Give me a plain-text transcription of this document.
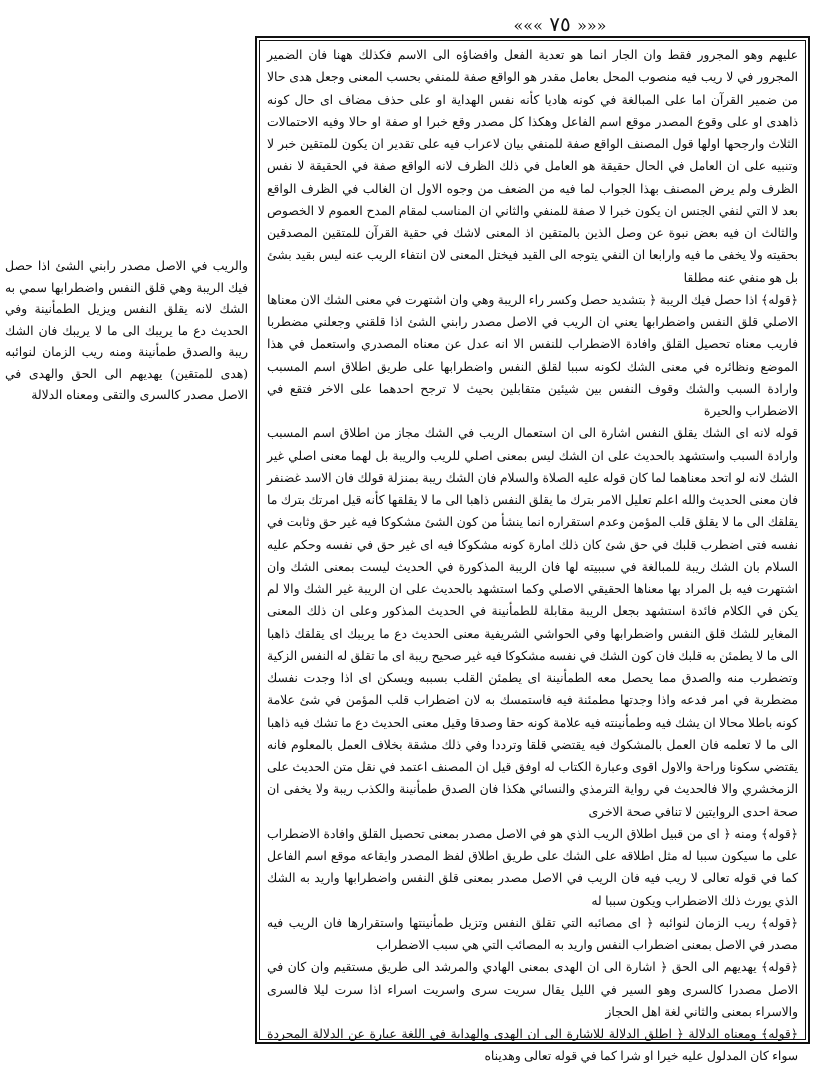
««« ٧٥ »»»

عليهم وهو المجرور فقط وان الجار انما هو تعدية الفعل وافضاؤه الى الاسم فكذلك ههنا فان الضمير المجرور في لا ريب فيه منصوب المحل بعامل مقدر هو الواقع صفة للمنفي بحسب المعنى وجعل هدى حالا من ضمير القرآن اما على المبالغة في كونه هاديا كأنه نفس الهداية او على حذف مضاف اى حال كونه ذاهدى او على وقوع المصدر موقع اسم الفاعل وهكذا كل مصدر وقع خبرا او صفة او حالا وفيه الاحتمالات الثلاث وارجحها اولها قول المصنف الواقع صفة للمنفي بيان لاعراب فيه على تقدير ان يكون للمتقين خبر لا وتنبيه على ان العامل في الحال حقيقة هو العامل في ذلك الظرف لانه الواقع صفة في الحقيقة لا نفس الظرف ولم يرض المصنف بهذا الجواب لما فيه من الضعف من وجوه الاول ان الغالب في الظرف الواقع بعد لا التي لنفي الجنس ان يكون خبرا لا صفة للمنفي والثاني ان المناسب لمقام المدح العموم لا الخصوص والثالث ان فيه بعض نبوة عن وصل الذين بالمتقين اذ المعنى لاشك في حقية القرآن للمتقين المصدقين بحقيته ولا يخفى ما فيه وارابعا ان النفي يتوجه الى القيد فيختل المعنى لان انتفاء الريب عنه ليس بقيد بشئ بل هو منفي عنه مطلقا

﴿قوله﴾ اذا حصل فيك الريبة ﴿ بتشديد حصل وكسر راء الريبة وهي وان اشتهرت في معنى الشك الان معناها الاصلي قلق النفس واضطرابها يعني ان الريب في الاصل مصدر رابني الشئ اذا قلقني وجعلني مضطربا فاريب معناه تحصيل القلق وافادة الاضطراب للنفس الا انه عدل عن معناه المصدري واستعمل في هذا الموضع ونظائره في معنى الشك لكونه سببا لقلق النفس واضطرابها على طريق اطلاق اسم المسبب وارادة السبب والشك وقوف النفس بين شيئين متقابلين بحيث لا ترجح احدهما على الاخر فتقع في الاضطراب والحيرة

قوله لانه اى الشك يقلق النفس اشارة الى ان استعمال الريب في الشك مجاز من اطلاق اسم المسبب وارادة السبب واستشهد بالحديث على ان الشك ليس بمعنى اصلي للريب والريبة بل لهما معنى اصلي غير الشك لانه لو اتحد معناهما لما كان قوله عليه الصلاة والسلام فان الشك ريبة بمنزلة قولك فان الاسد غضنفر فان معنى الحديث والله اعلم تعليل الامر بترك ما يقلق النفس ذاهبا الى ما لا يقلقها كأنه قيل امرتك بترك ما يقلقك الى ما لا يقلق قلب المؤمن وعدم استقراره انما ينشأ من كون الشئ مشكوكا فيه غير حق وثابت في نفسه فتى اضطرب قلبك في حق شئ كان ذلك امارة كونه مشكوكا فيه اى غير حق في نفسه وحكم عليه السلام بان الشك ريبة للمبالغة في سببيته لها فان الريبة المذكورة في الحديث ليست بمعنى الشك وان اشتهرت فيه بل المراد بها معناها الحقيقي الاصلي وكما استشهد بالحديث على ان الريبة غير الشك والا لم يكن في الكلام فائدة استشهد بجعل الريبة مقابلة للطمأنينة في الحديث المذكور وعلى ان ذلك المعنى المغاير للشك قلق النفس واضطرابها وفي الحواشي الشريفية معنى الحديث دع ما يريبك اى يقلقك ذاهبا الى ما لا يطمئن به قلبك فان كون الشك في نفسه مشكوكا فيه غير صحيح ريبة اى ما تقلق له النفس الزكية وتضطرب منه والصدق مما يحصل معه الطمأنينة اى يطمئن القلب بسببه ويسكن اى اذا وجدت نفسك مضطربة في امر فدعه واذا وجدتها مطمئنة فيه فاستمسك به لان اضطراب قلب المؤمن في شئ علامة كونه باطلا محالا ان يشك فيه وطمأنينته فيه علامة كونه حقا وصدقا وقيل معنى الحديث دع ما تشك فيه ذاهبا الى ما لا تعلمه فان العمل بالمشكوك فيه يقتضي قلقا وترددا وفي ذلك مشقة بخلاف العمل بالمعلوم فانه يقتضي سكونا وراحة والاول اقوى وعبارة الكتاب له اوفق قيل ان المصنف اعتمد في نقل متن الحديث على الزمخشري والا فالحديث في رواية الترمذي والنسائي هكذا فان الصدق طمأنينة والكذب ريبة ولا يخفى ان صحة احدى الروايتين لا تنافي صحة الاخرى

﴿قوله﴾ ومنه ﴿ اى من قبيل اطلاق الريب الذي هو في الاصل مصدر بمعنى تحصيل القلق وافادة الاضطراب على ما سيكون سببا له مثل اطلاقه على الشك على طريق اطلاق لفظ المصدر وايقاعه موقع اسم الفاعل كما في قوله تعالى لا ريب فيه فان الريب في الاصل مصدر بمعنى قلق النفس واضطرابها واريد به الشك الذي يورث ذلك الاضطراب ويكون سببا له

﴿قوله﴾ ريب الزمان لنوائبه ﴿ اى مصائبه التي تقلق النفس وتزيل طمأنينتها واستقرارها فان الريب فيه مصدر في الاصل بمعنى اضطراب النفس واريد به المصائب التي هي سبب الاضطراب

﴿قوله﴾ يهديهم الى الحق ﴿ اشارة الى ان الهدى بمعنى الهادي والمرشد الى طريق مستقيم وان كان في الاصل مصدرا كالسرى وهو السير في الليل يقال سريت سرى واسريت اسراء اذا سرت ليلا فالسرى والاسراء بمعنى والثاني لغة اهل الحجاز

﴿قوله﴾ ومعناه الدلالة ﴿ اطلق الدلالة للاشارة الى ان الهدى والهداية في اللغة عبارة عن الدلالة المجردة سواء كان المدلول عليه خيرا او شرا كما في قوله تعالى وهديناه

والريب في الاصل مصدر رابني الشئ اذا حصل فيك الريبة وهي قلق النفس واضطرابها سمي به الشك لانه يقلق النفس ويزيل الطمأنينة وفي الحديث دع ما يريبك الى ما لا يريبك فان الشك ريبة والصدق طمأنينة ومنه ريب الزمان لنوائبه (هدى للمتقين) يهديهم الى الحق والهدى في الاصل مصدر كالسرى والتقى ومعناه الدلالة
